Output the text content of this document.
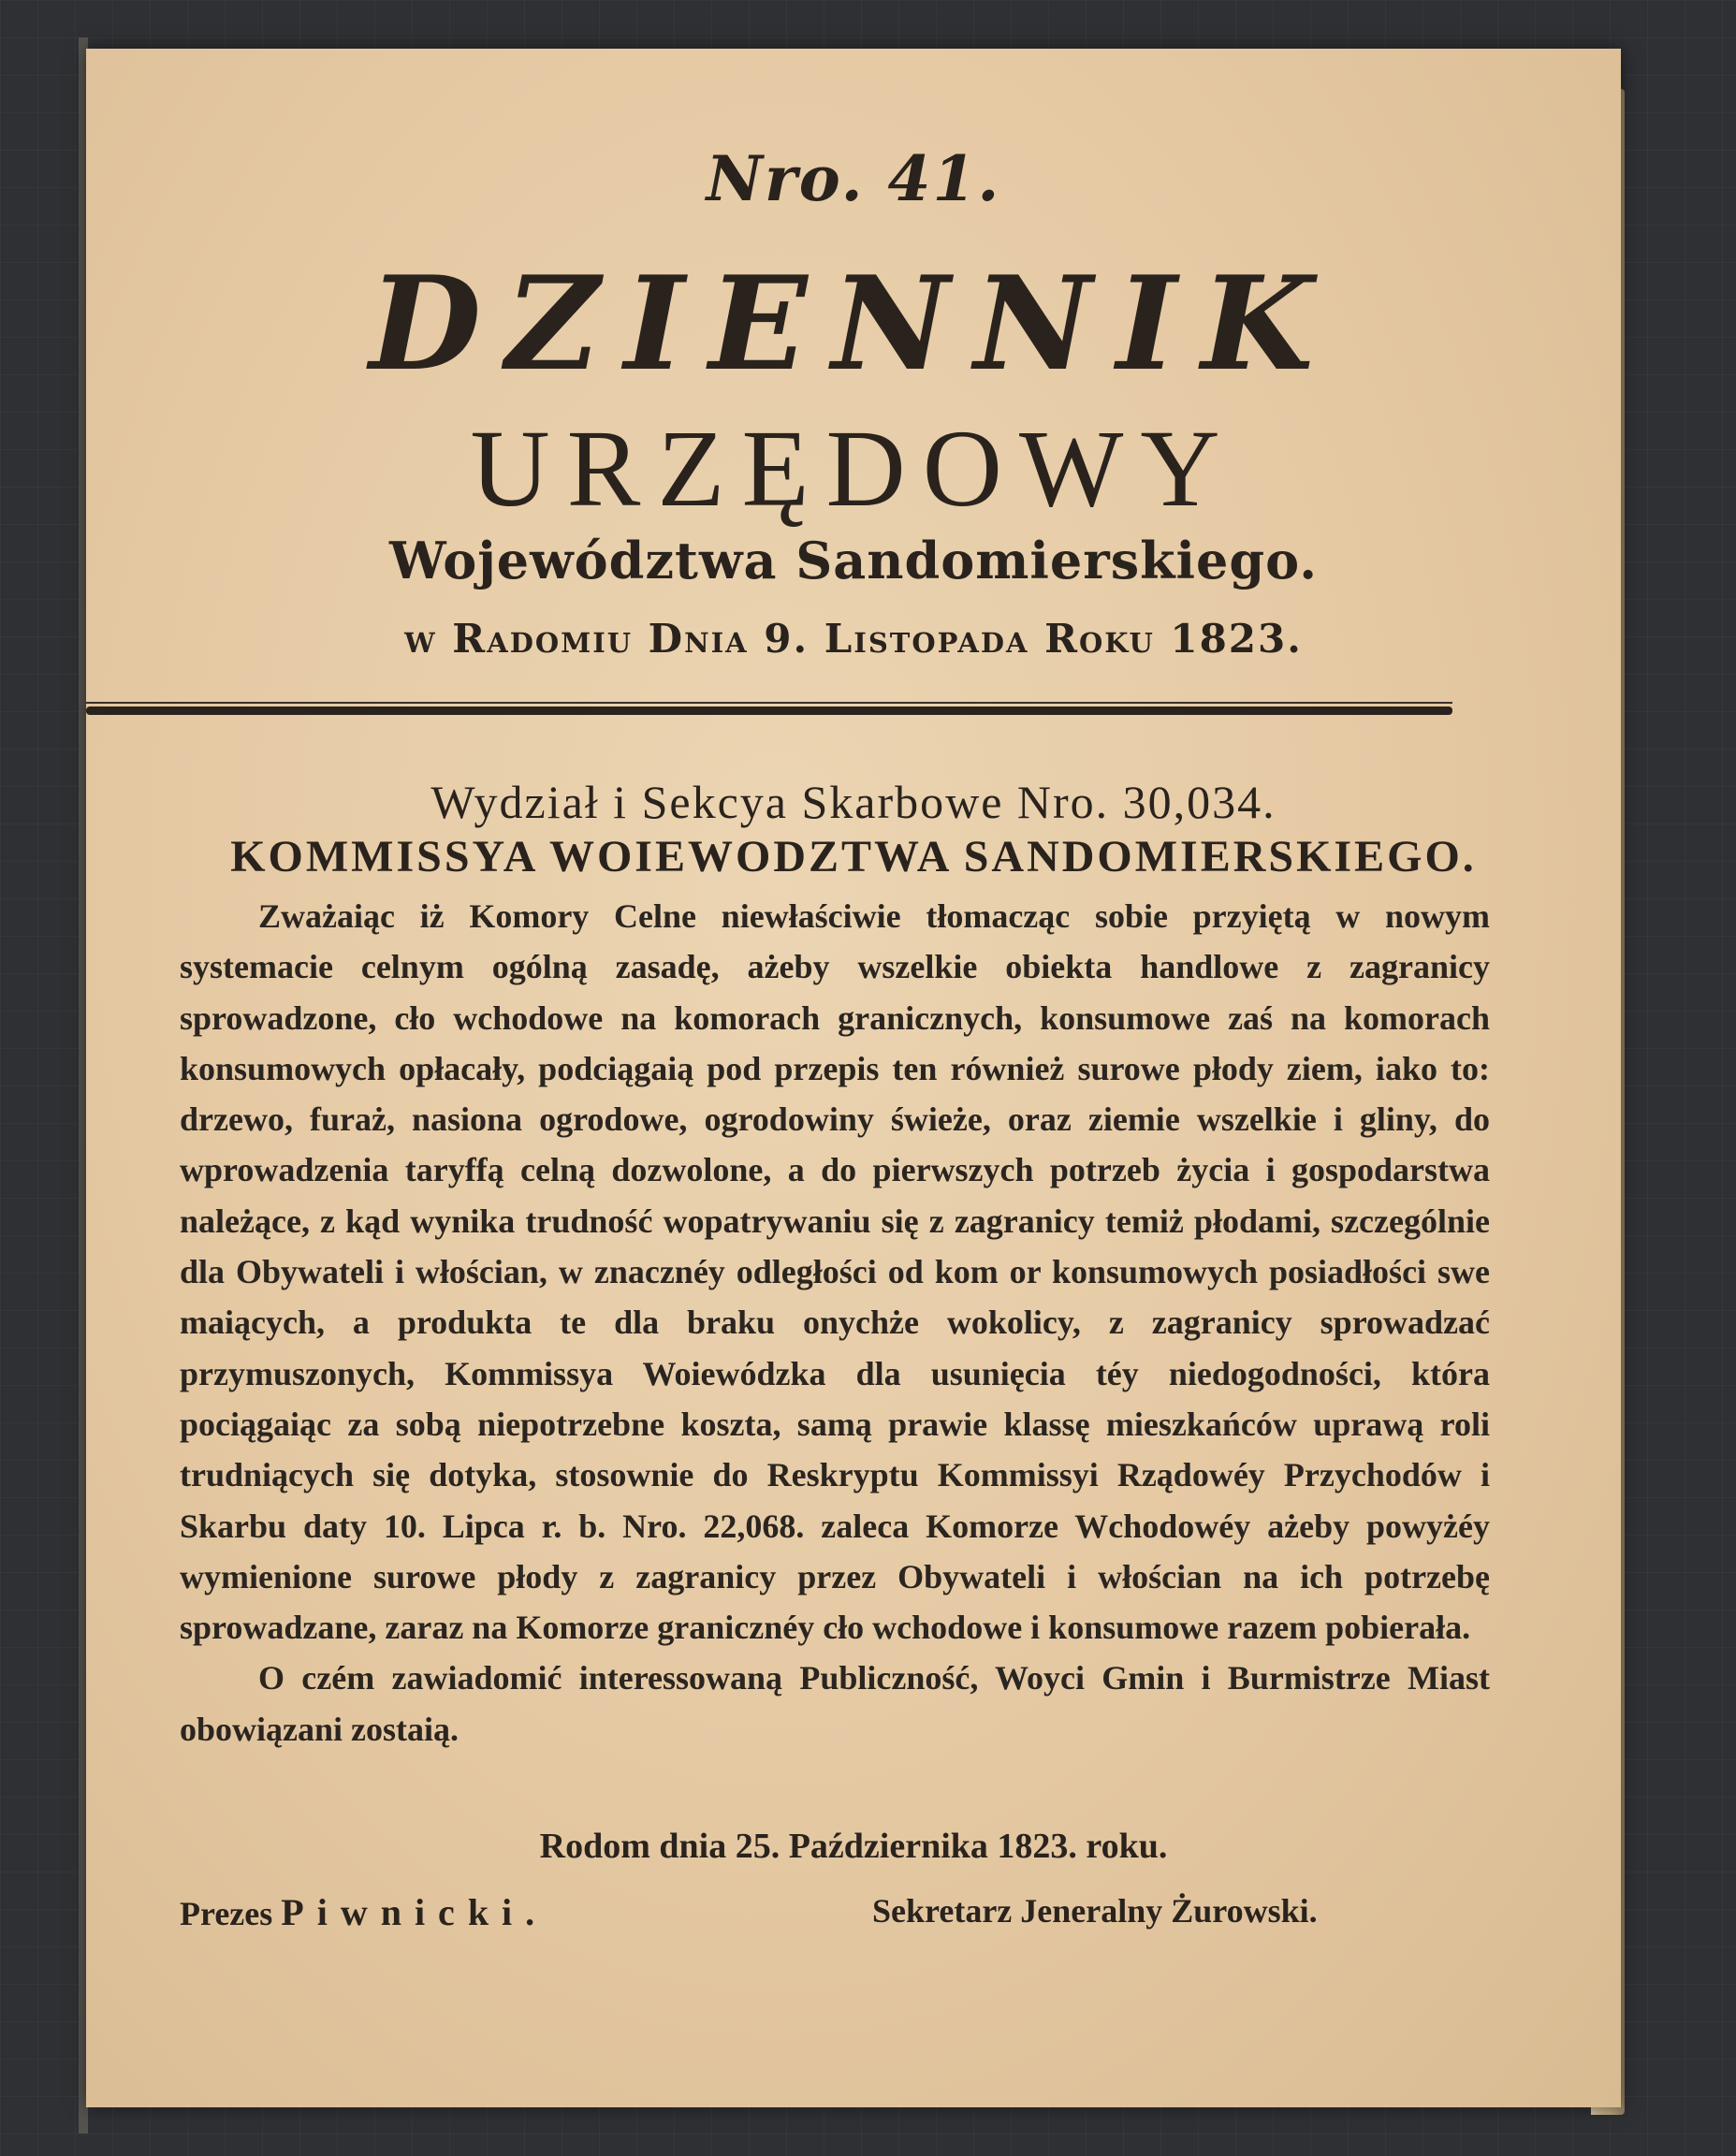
Nro. 41.
DZIENNIK
URZĘDOWY
Województwa Sandomierskiego.
w Radomiu Dnia 9. Listopada Roku 1823.
Wydział i Sekcya Skarbowe Nro. 30,034.
KOMMISSYA WOIEWODZTWA SANDOMIERSKIEGO.

Zważaiąc iż Komory Celne niewłaściwie tłomacząc sobie przyiętą w nowym systemacie celnym ogólną zasadę, ażeby wszelkie obiekta handlowe z zagranicy sprowadzone, cło wchodowe na komorach granicznych, konsumowe zaś na komorach konsumowych opłacały, podciągaią pod przepis ten również surowe płody ziem, iako to: drzewo, furaż, nasiona ogrodowe, ogrodowiny świeże, oraz ziemie wszelkie i gliny, do wprowadzenia taryffą celną dozwolone, a do pierwszych potrzeb życia i gospodarstwa należące, z kąd wynika trudność wopatrywaniu się z zagranicy temiż płodami, szczególnie dla Obywateli i włościan, w znacznéy odległości od kom or konsumowych posiadłości swe maiących, a produkta te dla braku onychże wokolicy, z zagranicy sprowadzać przymuszonych, Kommissya Woiewódzka dla usunięcia téy niedogodności, która pociągaiąc za sobą niepotrzebne koszta, samą prawie klassę mieszkańców uprawą roli trudniących się dotyka, stosownie do Reskryptu Kommissyi Rządowéy Przychodów i Skarbu daty 10. Lipca r. b. Nro. 22,068. zaleca Komorze Wchodowéy ażeby powyżéy wymienione surowe płody z zagranicy przez Obywateli i włościan na ich potrzebę sprowadzane, zaraz na Komorze granicznéy cło wchodowe i konsumowe razem pobierała.

O czém zawiadomić interessowaną Publiczność, Woyci Gmin i Burmistrze Miast obowiązani zostaią.

Rodom dnia 25. Października 1823. roku.
Prezes Piwnicki.	Sekretarz Jeneralny Żurowski.
